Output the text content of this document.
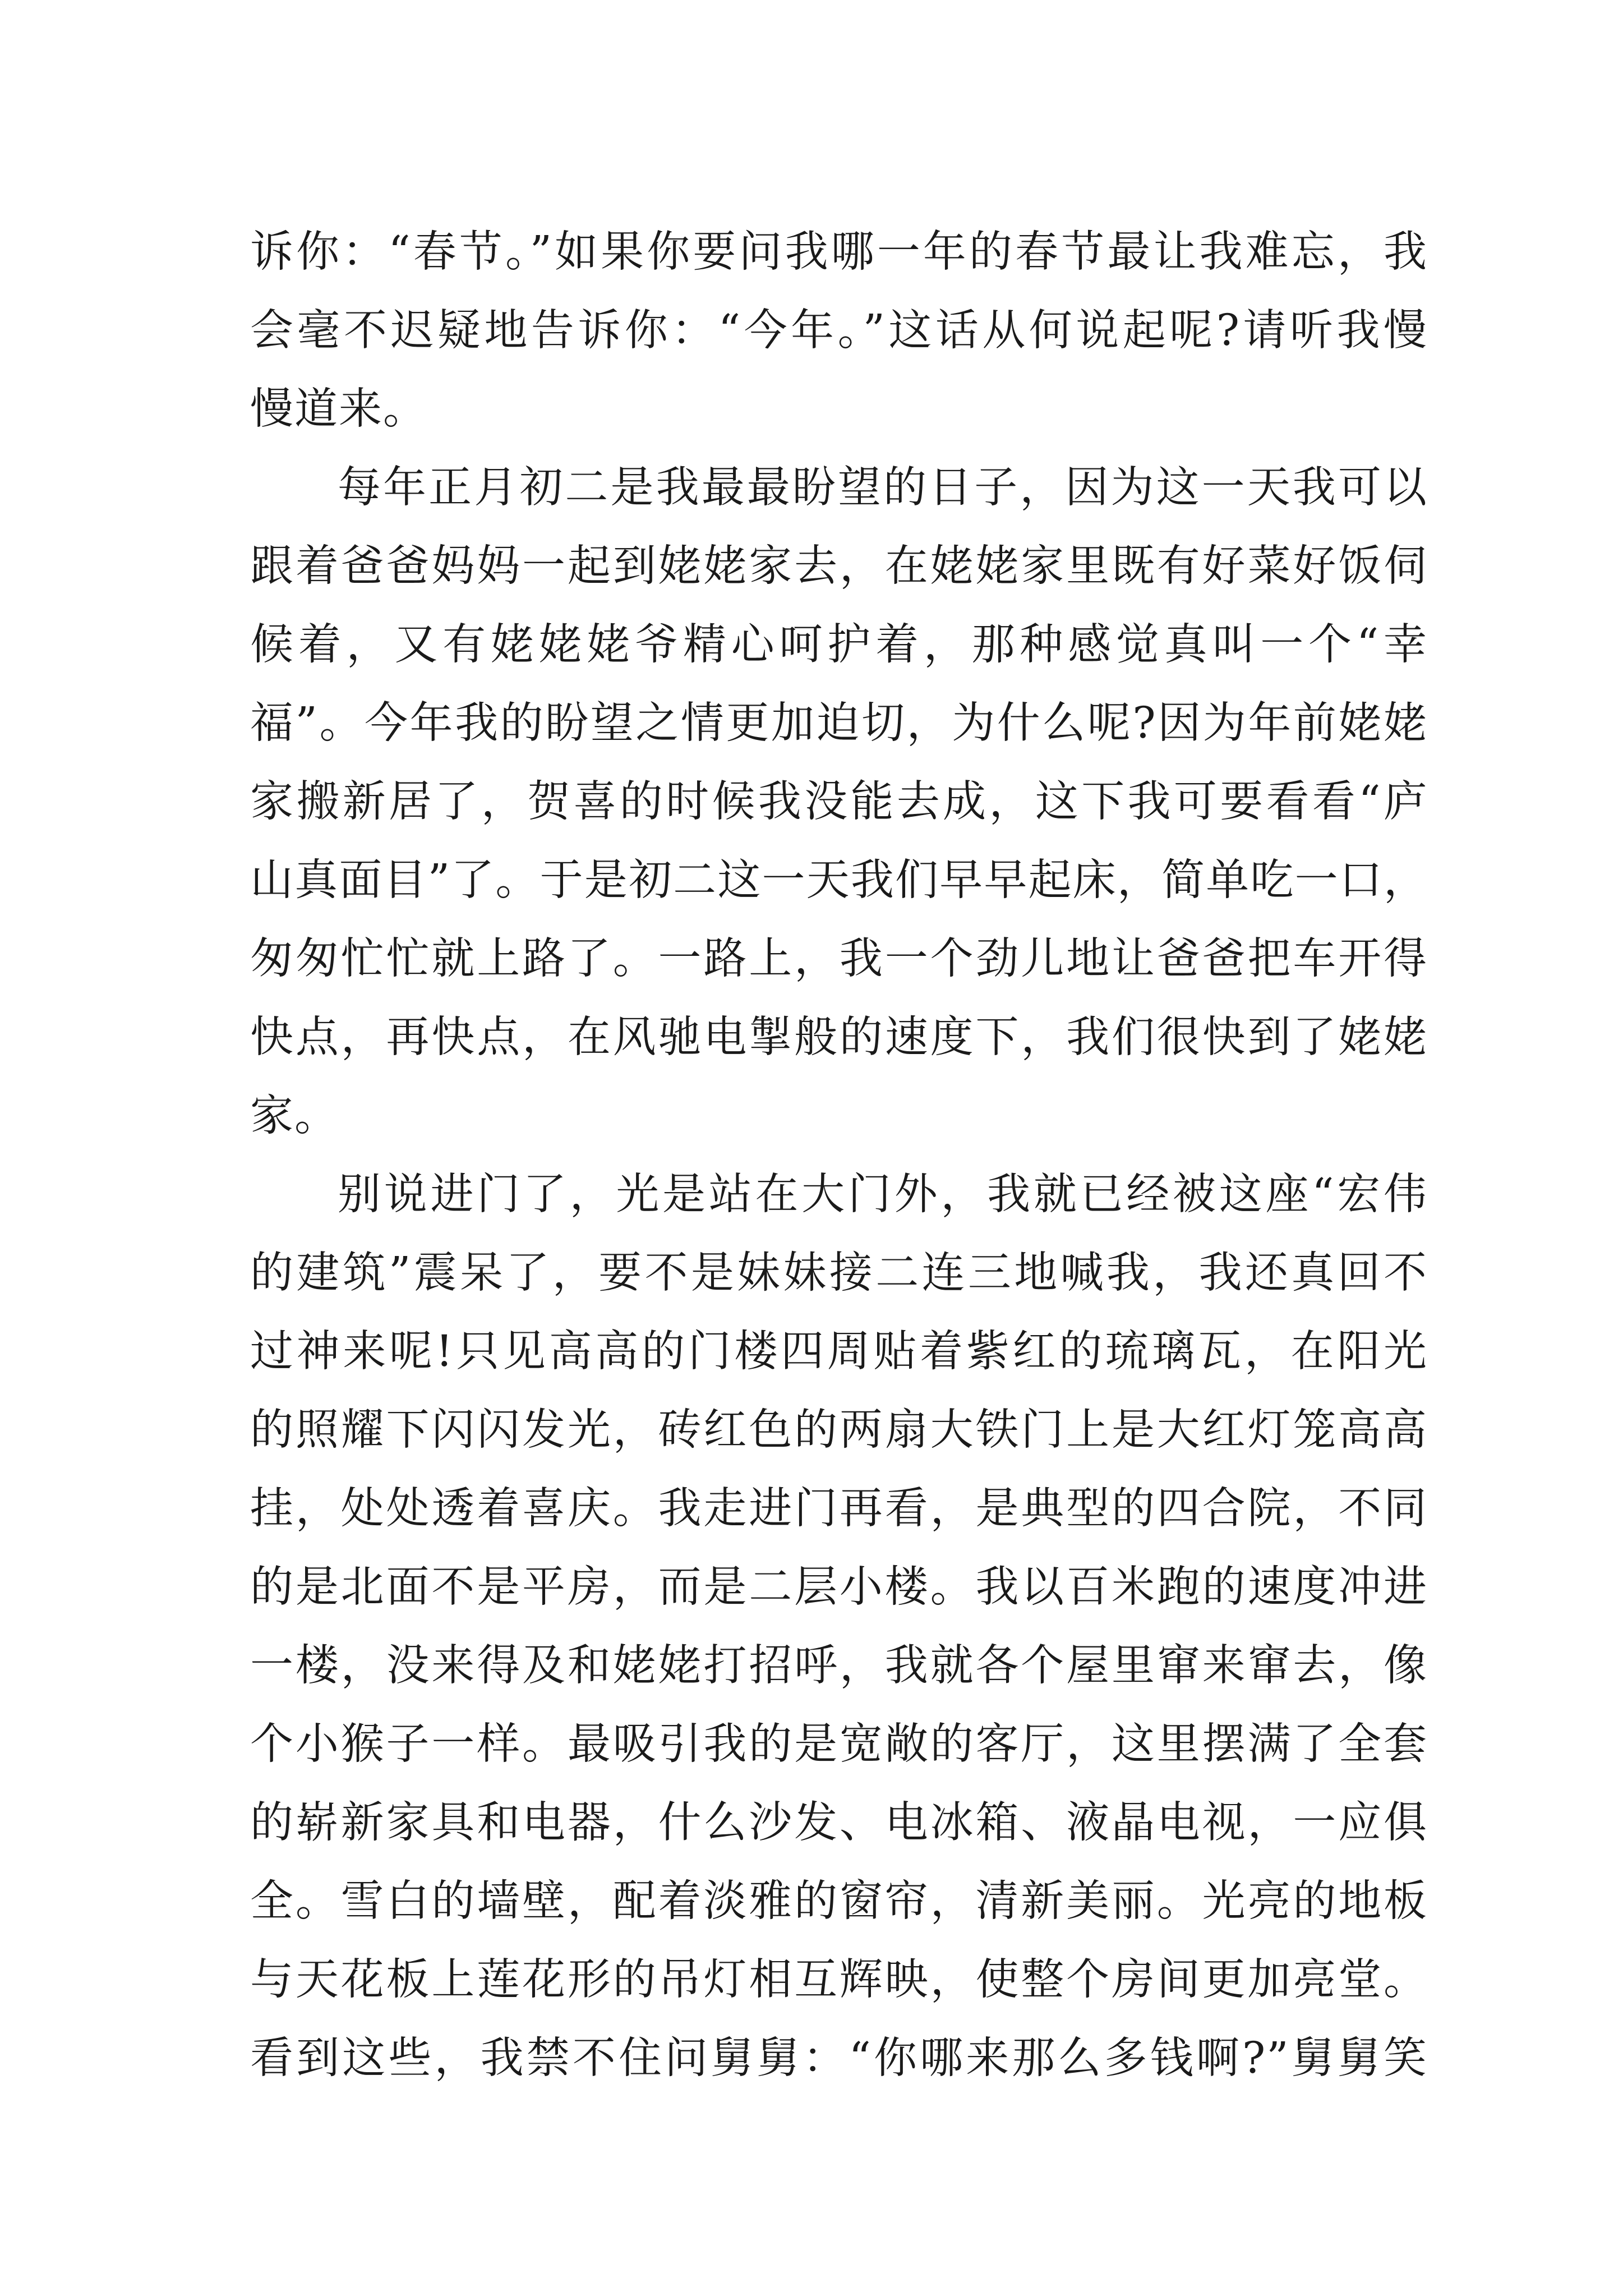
诉你：“春节。”如果你要问我哪一年的春节最让我难忘，我
会毫不迟疑地告诉你：“今年。”这话从何说起呢?请听我慢
慢道来。
每年正月初二是我最最盼望的日子，因为这一天我可以
跟着爸爸妈妈一起到姥姥家去，在姥姥家里既有好菜好饭伺
候着，又有姥姥姥爷精心呵护着，那种感觉真叫一个“幸
福”。今年我的盼望之情更加迫切，为什么呢?因为年前姥姥
家搬新居了，贺喜的时候我没能去成，这下我可要看看“庐
山真面目”了。于是初二这一天我们早早起床，简单吃一口，
匆匆忙忙就上路了。一路上，我一个劲儿地让爸爸把车开得
快点，再快点，在风驰电掣般的速度下，我们很快到了姥姥
家。
别说进门了，光是站在大门外，我就已经被这座“宏伟
的建筑”震呆了，要不是妹妹接二连三地喊我，我还真回不
过神来呢!只见高高的门楼四周贴着紫红的琉璃瓦，在阳光
的照耀下闪闪发光，砖红色的两扇大铁门上是大红灯笼高高
挂，处处透着喜庆。我走进门再看，是典型的四合院，不同
的是北面不是平房，而是二层小楼。我以百米跑的速度冲进
一楼，没来得及和姥姥打招呼，我就各个屋里窜来窜去，像
个小猴子一样。最吸引我的是宽敞的客厅，这里摆满了全套
的崭新家具和电器，什么沙发、电冰箱、液晶电视，一应俱
全。雪白的墙壁，配着淡雅的窗帘，清新美丽。光亮的地板
与天花板上莲花形的吊灯相互辉映，使整个房间更加亮堂。
看到这些，我禁不住问舅舅：“你哪来那么多钱啊?”舅舅笑
